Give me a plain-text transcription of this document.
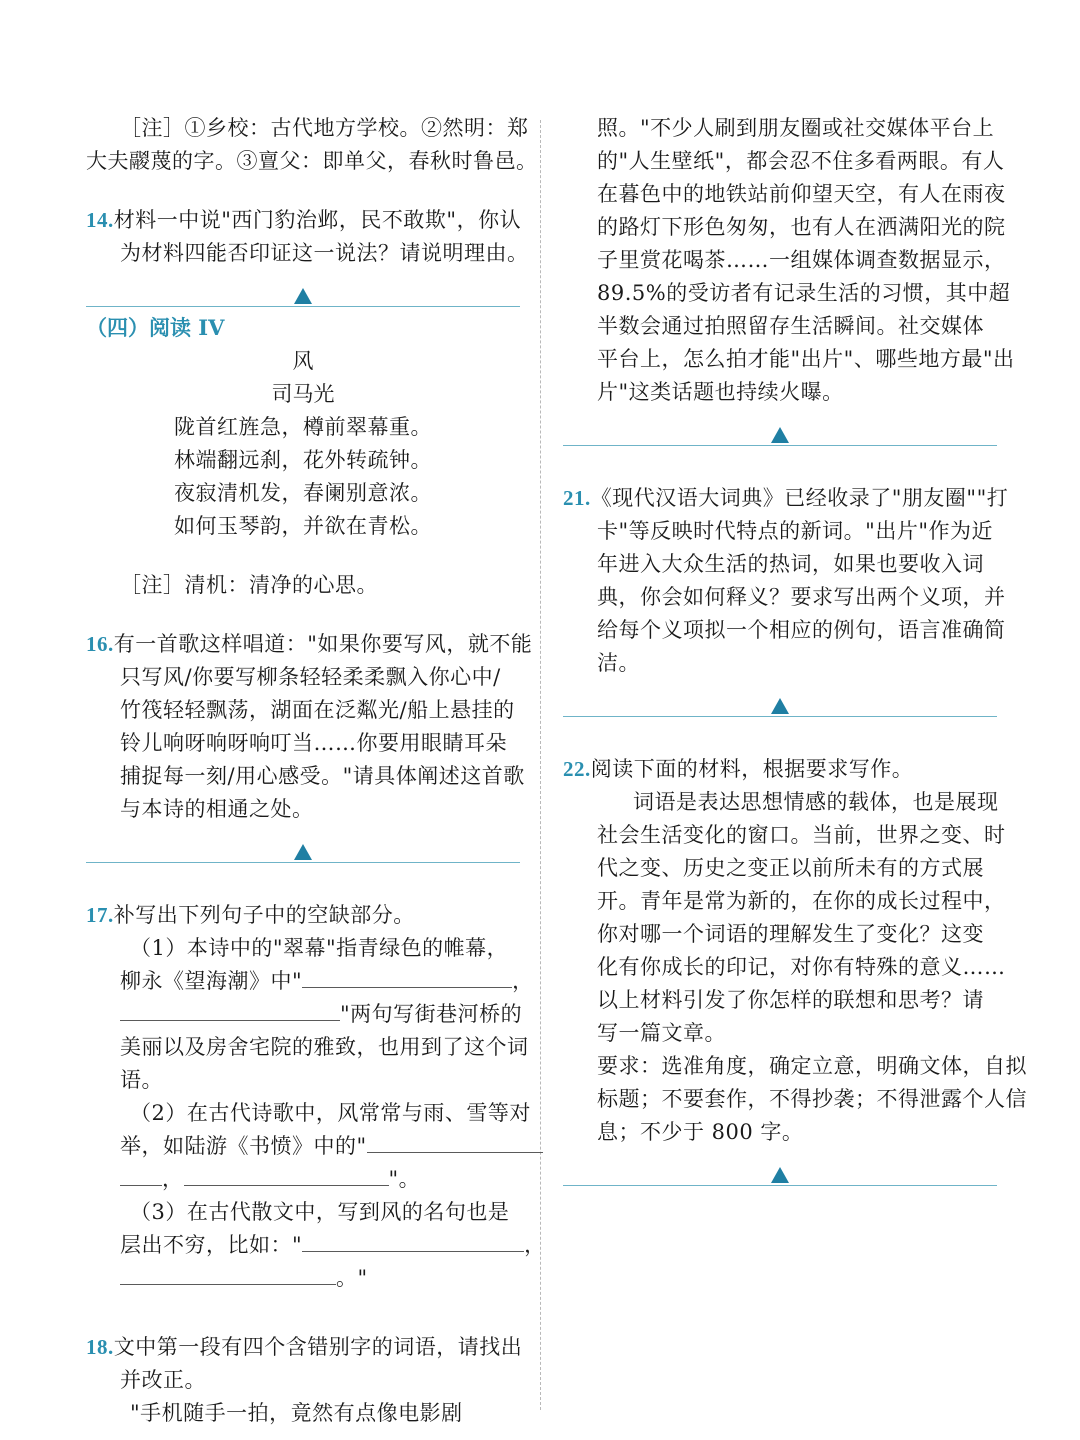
［注］①乡校：古代地方学校。②然明：郑
大夫鬷蔑的字。③亶父：即单父，春秋时鲁邑。
14.材料一中说"西门豹治邺，民不敢欺"，你认
为材料四能否印证这一说法？请说明理由。
（四）阅读 IV
风
司马光
陇首红旌急，樽前翠幕重。
林端翻远刹，花外转疏钟。
夜寂清机发，春阑别意浓。
如何玉琴韵，并欲在青松。
［注］清机：清净的心思。
16.有一首歌这样唱道："如果你要写风，就不能
只写风/你要写柳条轻轻柔柔飘入你心中/
竹筏轻轻飘荡，湖面在泛粼光/船上悬挂的
铃儿响呀响呀响叮当……你要用眼睛耳朵
捕捉每一刻/用心感受。"请具体阐述这首歌
与本诗的相通之处。
17.补写出下列句子中的空缺部分。
（1）本诗中的"翠幕"指青绿色的帷幕，
柳永《望海潮》中"	，
"两句写街巷河桥的
美丽以及房舍宅院的雅致，也用到了这个词
语。
（2）在古代诗歌中，风常常与雨、雪等对
举，如陆游《书愤》中的"
，	"。
（3）在古代散文中，写到风的名句也是
层出不穷，比如："	，
。"
18.文中第一段有四个含错别字的词语，请找出
并改正。
"手机随手一拍，竟然有点像电影剧
照。"不少人刷到朋友圈或社交媒体平台上
的"人生壁纸"，都会忍不住多看两眼。有人
在暮色中的地铁站前仰望天空，有人在雨夜
的路灯下形色匆匆，也有人在洒满阳光的院
子里赏花喝茶……一组媒体调查数据显示，
89.5%的受访者有记录生活的习惯，其中超
半数会通过拍照留存生活瞬间。社交媒体
平台上，怎么拍才能"出片"、哪些地方最"出
片"这类话题也持续火曝。
21.《现代汉语大词典》已经收录了"朋友圈""打
卡"等反映时代特点的新词。"出片"作为近
年进入大众生活的热词，如果也要收入词
典，你会如何释义？要求写出两个义项，并
给每个义项拟一个相应的例句，语言准确简
洁。
22.阅读下面的材料，根据要求写作。
词语是表达思想情感的载体，也是展现
社会生活变化的窗口。当前，世界之变、时
代之变、历史之变正以前所未有的方式展
开。青年是常为新的，在你的成长过程中，
你对哪一个词语的理解发生了变化？这变
化有你成长的印记，对你有特殊的意义……
以上材料引发了你怎样的联想和思考？请
写一篇文章。
要求：选准角度，确定立意，明确文体，自拟
标题；不要套作，不得抄袭；不得泄露个人信
息；不少于 800 字。
